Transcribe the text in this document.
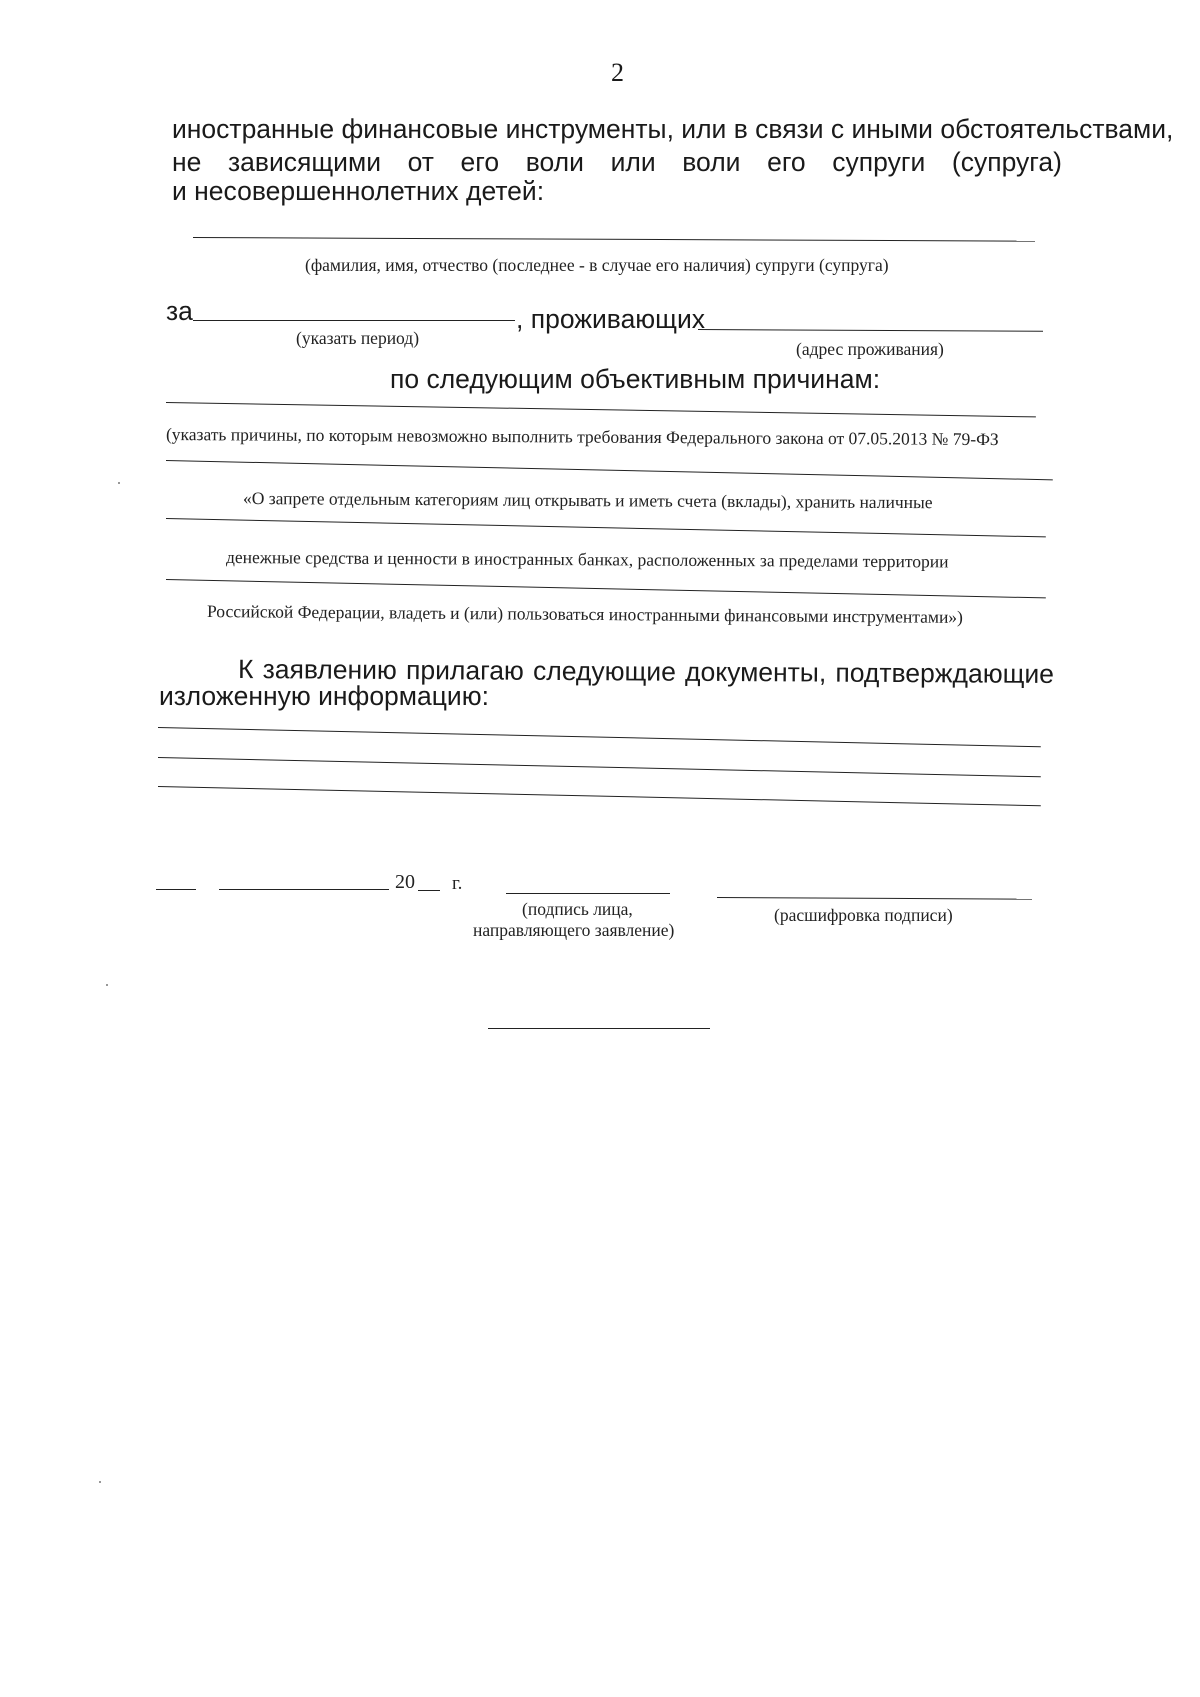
2
иностранные финансовые инструменты, или в связи с иными обстоятельствами,
не зависящими от его воли или воли его супруги (супруга)
и несовершеннолетних детей:
(фамилия, имя, отчество (последнее - в случае его наличия) супруги (супруга)
за	, проживающих
(указать период)
(адрес проживания)
по следующим объективным причинам:
(указать причины, по которым невозможно выполнить требования Федерального закона от 07.05.2013 № 79-ФЗ
«О запрете отдельным категориям лиц открывать и иметь счета (вклады), хранить наличные
денежные средства и ценности в иностранных банках, расположенных за пределами территории
Российской Федерации, владеть и (или) пользоваться иностранными финансовыми инструментами»)
К заявлению прилагаю следующие документы, подтверждающие
изложенную информацию:
20 г.
(подпись лица,
направляющего заявление)
(расшифровка подписи)
